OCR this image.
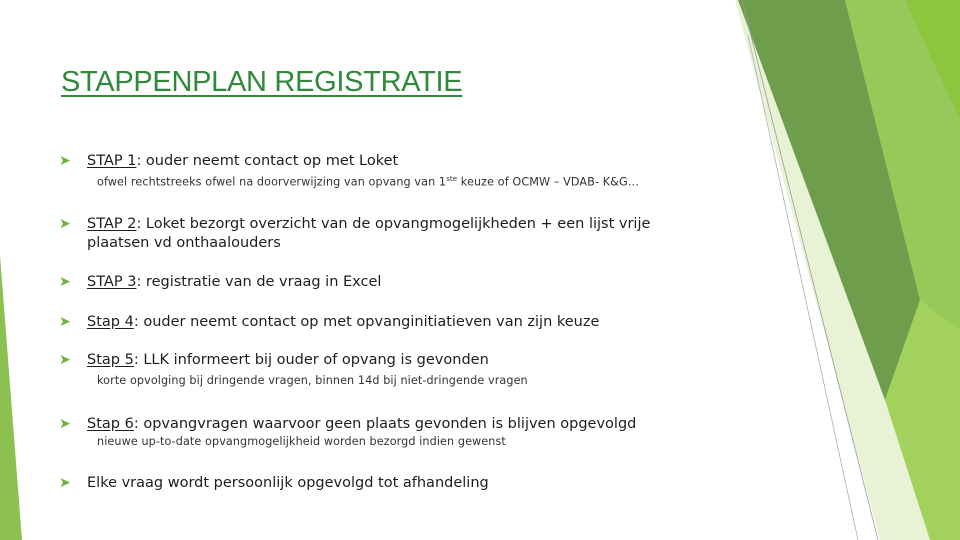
STAPPENPLAN REGISTRATIE
➤ STAP 1: ouder neemt contact op met Loket
ofwel rechtstreeks ofwel na doorverwijzing van opvang van 1ste keuze of OCMW – VDAB- K&G…
➤ STAP 2: Loket bezorgt overzicht van de opvangmogelijkheden + een lijst vrije
plaatsen vd onthaalouders
➤ STAP 3: registratie van de vraag in Excel
➤ Stap 4: ouder neemt contact op met opvanginitiatieven van zijn keuze
➤ Stap 5: LLK informeert bij ouder of opvang is gevonden
korte opvolging bij dringende vragen, binnen 14d bij niet-dringende vragen
➤ Stap 6: opvangvragen waarvoor geen plaats gevonden is blijven opgevolgd
nieuwe up-to-date opvangmogelijkheid worden bezorgd indien gewenst
➤ Elke vraag wordt persoonlijk opgevolgd tot afhandeling
